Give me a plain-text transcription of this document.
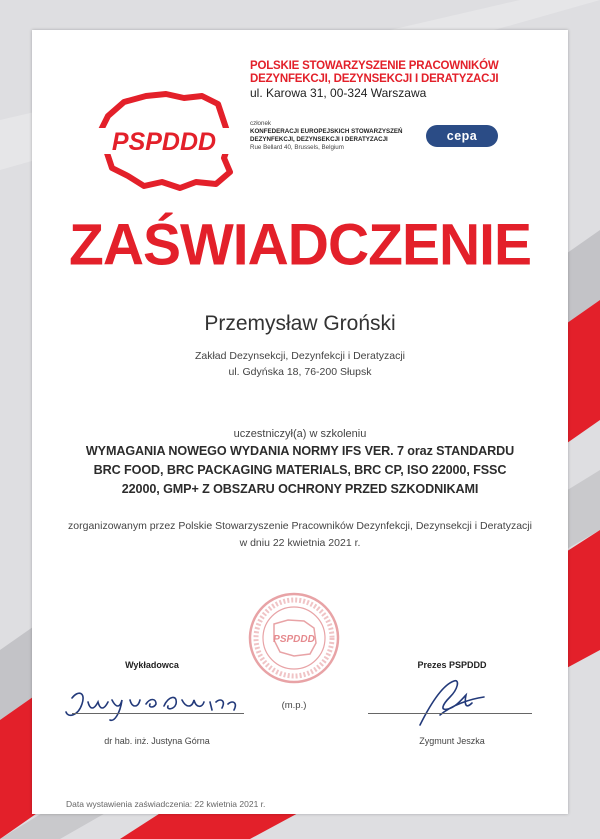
PSPDDD
POLSKIE STOWARZYSZENIE PRACOWNIKÓW
DEZYNFEKCJI, DEZYNSEKCJI I DERATYZACJI
ul. Karowa 31, 00-324 Warszawa
członek
KONFEDERACJI EUROPEJSKICH STOWARZYSZEŃ
DEZYNFEKCJI, DEZYNSEKCJI I DERATYZACJI
Rue Bellard 40, Brussels, Belgium
cepa
ZAŚWIADCZENIE
Przemysław Groński
Zakład Dezynsekcji, Dezynfekcji i Deratyzacji
ul. Gdyńska 18, 76-200 Słupsk
uczestniczył(a) w szkoleniu
WYMAGANIA NOWEGO WYDANIA NORMY IFS VER. 7 oraz STANDARDU
BRC FOOD, BRC PACKAGING MATERIALS, BRC CP, ISO 22000, FSSC
22000, GMP+ Z OBSZARU OCHRONY PRZED SZKODNIKAMI
zorganizowanym przez Polskie Stowarzyszenie Pracowników Dezynfekcji, Dezynsekcji i Deratyzacji
w dniu 22 kwietnia 2021 r.
PSPDDD
Wykładowca	Prezes PSPDDD
(m.p.)
dr hab. inż. Justyna Górna	Zygmunt Jeszka
Data wystawienia zaświadczenia: 22 kwietnia 2021 r.
